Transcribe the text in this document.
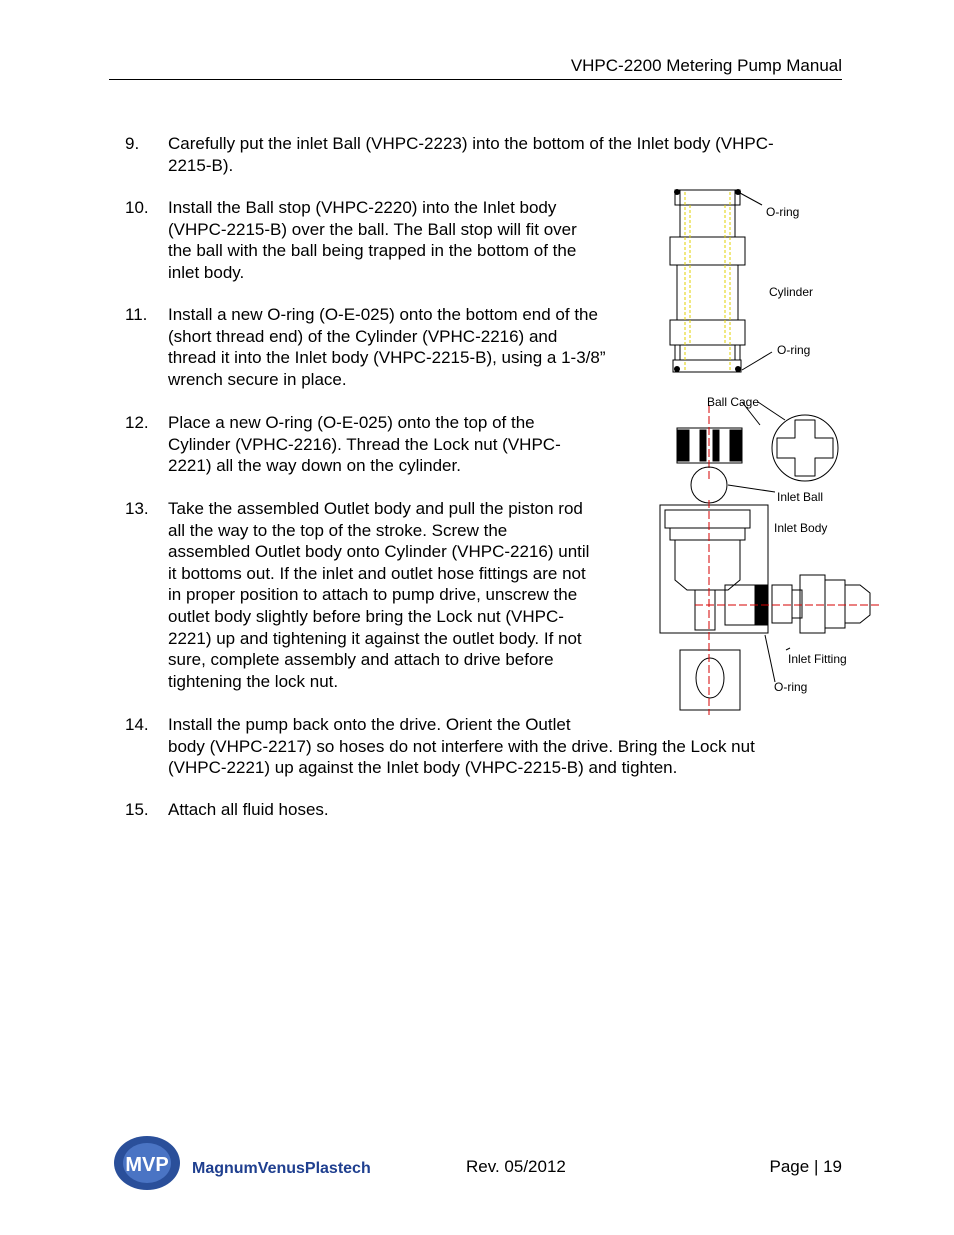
VHPC-2200 Metering Pump Manual
9.	Carefully put the inlet Ball (VHPC-2223) into the bottom of the Inlet body (VHPC-
2215-B).
10.	Install the Ball stop (VHPC-2220) into the Inlet body
(VHPC-2215-B) over the ball. The Ball stop will fit over
the ball with the ball being trapped in the bottom of the
inlet body.
11.	Install a new O-ring (O-E-025) onto the bottom end of the
(short thread end) of the Cylinder (VPHC-2216) and
thread it into the Inlet body (VHPC-2215-B), using a 1-3/8”
wrench secure in place.
12.	Place a new O-ring (O-E-025) onto the top of the
Cylinder (VPHC-2216). Thread the Lock nut (VHPC-
2221) all the way down on the cylinder.
13.	Take the assembled Outlet body and pull the piston rod
all the way to the top of the stroke. Screw the
assembled Outlet body onto Cylinder (VHPC-2216) until
it bottoms out. If the inlet and outlet hose fittings are not
in proper position to attach to pump drive, unscrew the
outlet body slightly before bring the Lock nut (VHPC-
2221) up and tightening it against the outlet body. If not
sure, complete assembly and attach to drive before
tightening the lock nut.
14.	Install the pump back onto the drive. Orient the Outlet
body (VHPC-2217) so hoses do not interfere with the drive. Bring the Lock nut
(VHPC-2221) up against the Inlet body (VHPC-2215-B) and tighten.
15.	Attach all fluid hoses.
O-ring
Cylinder
O-ring
Ball Cage
Inlet Ball
Inlet Body
Inlet Fitting
O-ring
MVP MagnumVenusPlastech	Rev. 05/2012	Page | 19
